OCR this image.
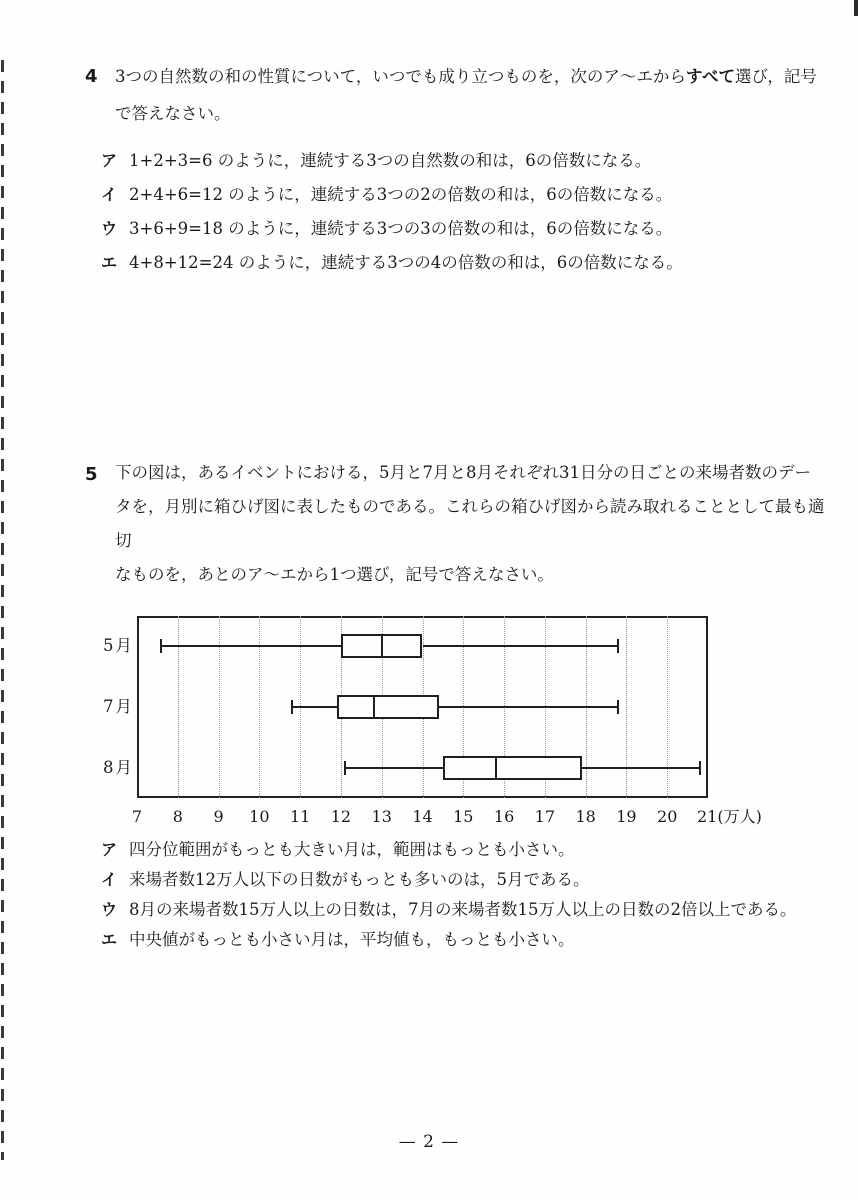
4	3つの自然数の和の性質について，いつでも成り立つものを，次のア～エからすべて選び，記号
で答えなさい。

ア 1+2+3=6 のように，連続する3つの自然数の和は，6の倍数になる。
イ 2+4+6=12 のように，連続する3つの2の倍数の和は，6の倍数になる。
ウ 3+6+9=18 のように，連続する3つの3の倍数の和は，6の倍数になる。
エ 4+8+12=24 のように，連続する3つの4の倍数の和は，6の倍数になる。
5	下の図は，あるイベントにおける，5月と7月と8月それぞれ31日分の日ごとの来場者数のデー
タを，月別に箱ひげ図に表したものである。これらの箱ひげ図から読み取れることとして最も適切
なものを，あとのア～エから1つ選び，記号で答えなさい。

7 8 9 10 11 12 13 14 15 16 17 18 19 20 21(万人)
5月
7月
8月
ア 四分位範囲がもっとも大きい月は，範囲はもっとも小さい。
イ 来場者数12万人以下の日数がもっとも多いのは，5月である。
ウ 8月の来場者数15万人以上の日数は，7月の来場者数15万人以上の日数の2倍以上である。
エ 中央値がもっとも小さい月は，平均値も，もっとも小さい。
— 2 —
